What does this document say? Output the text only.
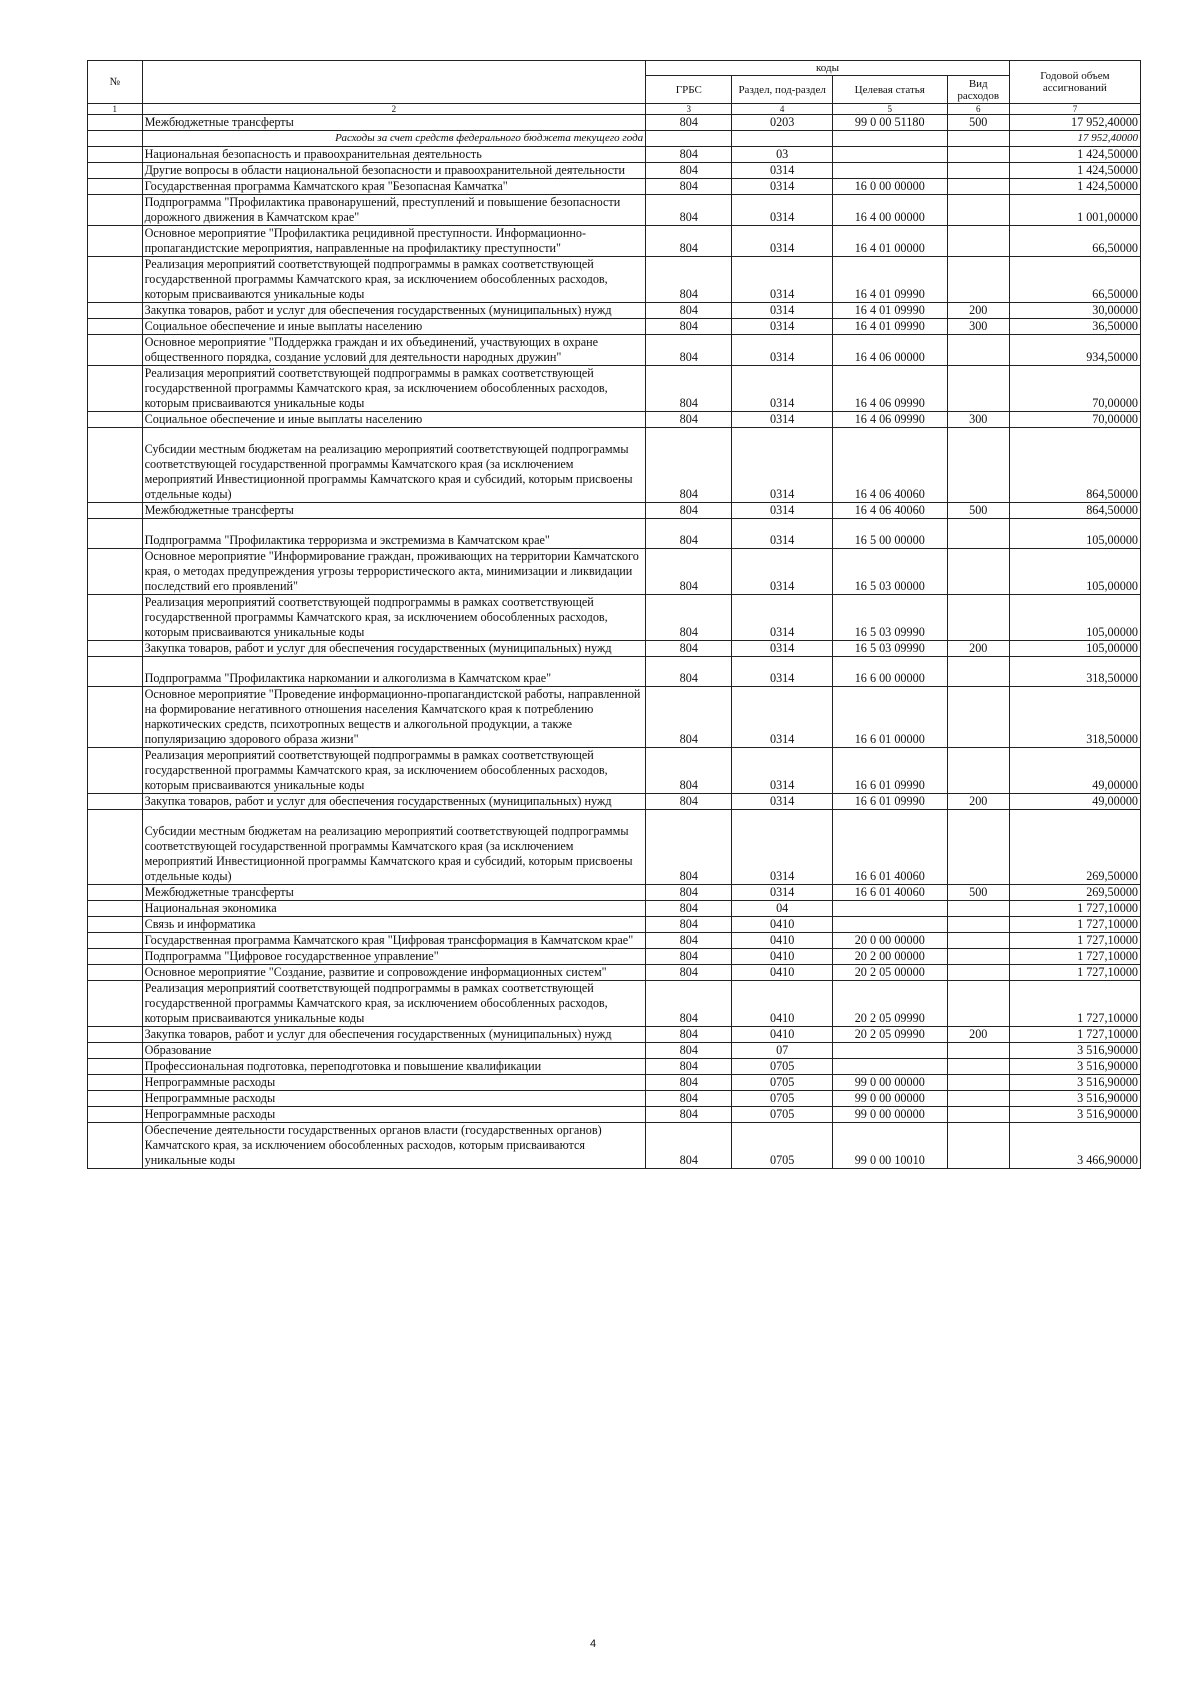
№		коды				Годовой объем ассигнований
		ГРБС	Раздел, под-раздел	Целевая статья	Вид расходов	
1	2	3	4	5	6	7
	Межбюджетные трансферты	804	0203	99 0 00 51180	500	17 952,40000
	Расходы за счет средств федерального бюджета текущего года					17 952,40000
	Национальная безопасность и правоохранительная деятельность	804	03			1 424,50000
	Другие вопросы в области национальной безопасности и правоохранительной деятельности	804	0314			1 424,50000
	Государственная программа Камчатского края "Безопасная Камчатка"	804	0314	16 0 00 00000		1 424,50000
	Подпрограмма "Профилактика правонарушений, преступлений и повышение безопасности дорожного движения в Камчатском крае"	804	0314	16 4 00 00000		1 001,00000
	Основное мероприятие "Профилактика рецидивной преступности. Информационно-пропагандистские мероприятия, направленные на профилактику преступности"	804	0314	16 4 01 00000		66,50000
	Реализация мероприятий соответствующей подпрограммы в рамках соответствующей государственной программы Камчатского края, за исключением обособленных расходов, которым присваиваются уникальные коды	804	0314	16 4 01 09990		66,50000
	Закупка товаров, работ и услуг для обеспечения государственных (муниципальных) нужд	804	0314	16 4 01 09990	200	30,00000
	Социальное обеспечение и иные выплаты населению	804	0314	16 4 01 09990	300	36,50000
	Основное мероприятие "Поддержка граждан и их объединений, участвующих в охране общественного порядка, создание условий для деятельности народных дружин"	804	0314	16 4 06 00000		934,50000
	Реализация мероприятий соответствующей подпрограммы в рамках соответствующей государственной программы Камчатского края, за исключением обособленных расходов, которым присваиваются уникальные коды	804	0314	16 4 06 09990		70,00000
	Социальное обеспечение и иные выплаты населению	804	0314	16 4 06 09990	300	70,00000
	Субсидии местным бюджетам на реализацию мероприятий соответствующей подпрограммы соответствующей государственной программы Камчатского края (за исключением мероприятий Инвестиционной программы Камчатского края и субсидий, которым присвоены отдельные коды)	804	0314	16 4 06 40060		864,50000
	Межбюджетные трансферты	804	0314	16 4 06 40060	500	864,50000
	Подпрограмма "Профилактика терроризма и экстремизма в Камчатском крае"	804	0314	16 5 00 00000		105,00000
	Основное мероприятие "Информирование граждан, проживающих на территории Камчатского края, о методах предупреждения угрозы террористического акта, минимизации и ликвидации последствий его проявлений"	804	0314	16 5 03 00000		105,00000
	Реализация мероприятий соответствующей подпрограммы в рамках соответствующей государственной программы Камчатского края, за исключением обособленных расходов, которым присваиваются уникальные коды	804	0314	16 5 03 09990		105,00000
	Закупка товаров, работ и услуг для обеспечения государственных (муниципальных) нужд	804	0314	16 5 03 09990	200	105,00000
	Подпрограмма "Профилактика наркомании и алкоголизма в Камчатском крае"	804	0314	16 6 00 00000		318,50000
	Основное мероприятие "Проведение информационно-пропагандистской работы, направленной на формирование негативного отношения населения Камчатского края к потреблению наркотических средств, психотропных веществ и алкогольной продукции, а также популяризацию здорового образа жизни"	804	0314	16 6 01 00000		318,50000
	Реализация мероприятий соответствующей подпрограммы в рамках соответствующей государственной программы Камчатского края, за исключением обособленных расходов, которым присваиваются уникальные коды	804	0314	16 6 01 09990		49,00000
	Закупка товаров, работ и услуг для обеспечения государственных (муниципальных) нужд	804	0314	16 6 01 09990	200	49,00000
	Субсидии местным бюджетам на реализацию мероприятий соответствующей подпрограммы соответствующей государственной программы Камчатского края (за исключением мероприятий Инвестиционной программы Камчатского края и субсидий, которым присвоены отдельные коды)	804	0314	16 6 01 40060		269,50000
	Межбюджетные трансферты	804	0314	16 6 01 40060	500	269,50000
	Национальная экономика	804	04			1 727,10000
	Связь и информатика	804	0410			1 727,10000
	Государственная программа Камчатского края "Цифровая трансформация в Камчатском крае"	804	0410	20 0 00 00000		1 727,10000
	Подпрограмма "Цифровое государственное управление"	804	0410	20 2 00 00000		1 727,10000
	Основное мероприятие "Создание, развитие и сопровождение информационных систем"	804	0410	20 2 05 00000		1 727,10000
	Реализация мероприятий соответствующей подпрограммы в рамках соответствующей государственной программы Камчатского края, за исключением обособленных расходов, которым присваиваются уникальные коды	804	0410	20 2 05 09990		1 727,10000
	Закупка товаров, работ и услуг для обеспечения государственных (муниципальных) нужд	804	0410	20 2 05 09990	200	1 727,10000
	Образование	804	07			3 516,90000
	Профессиональная подготовка, переподготовка и повышение квалификации	804	0705			3 516,90000
	Непрограммные расходы	804	0705	99 0 00 00000		3 516,90000
	Непрограммные расходы	804	0705	99 0 00 00000		3 516,90000
	Непрограммные расходы	804	0705	99 0 00 00000		3 516,90000
	Обеспечение деятельности государственных органов власти (государственных органов) Камчатского края, за исключением обособленных расходов, которым присваиваются уникальные коды	804	0705	99 0 00 10010		3 466,90000
4
